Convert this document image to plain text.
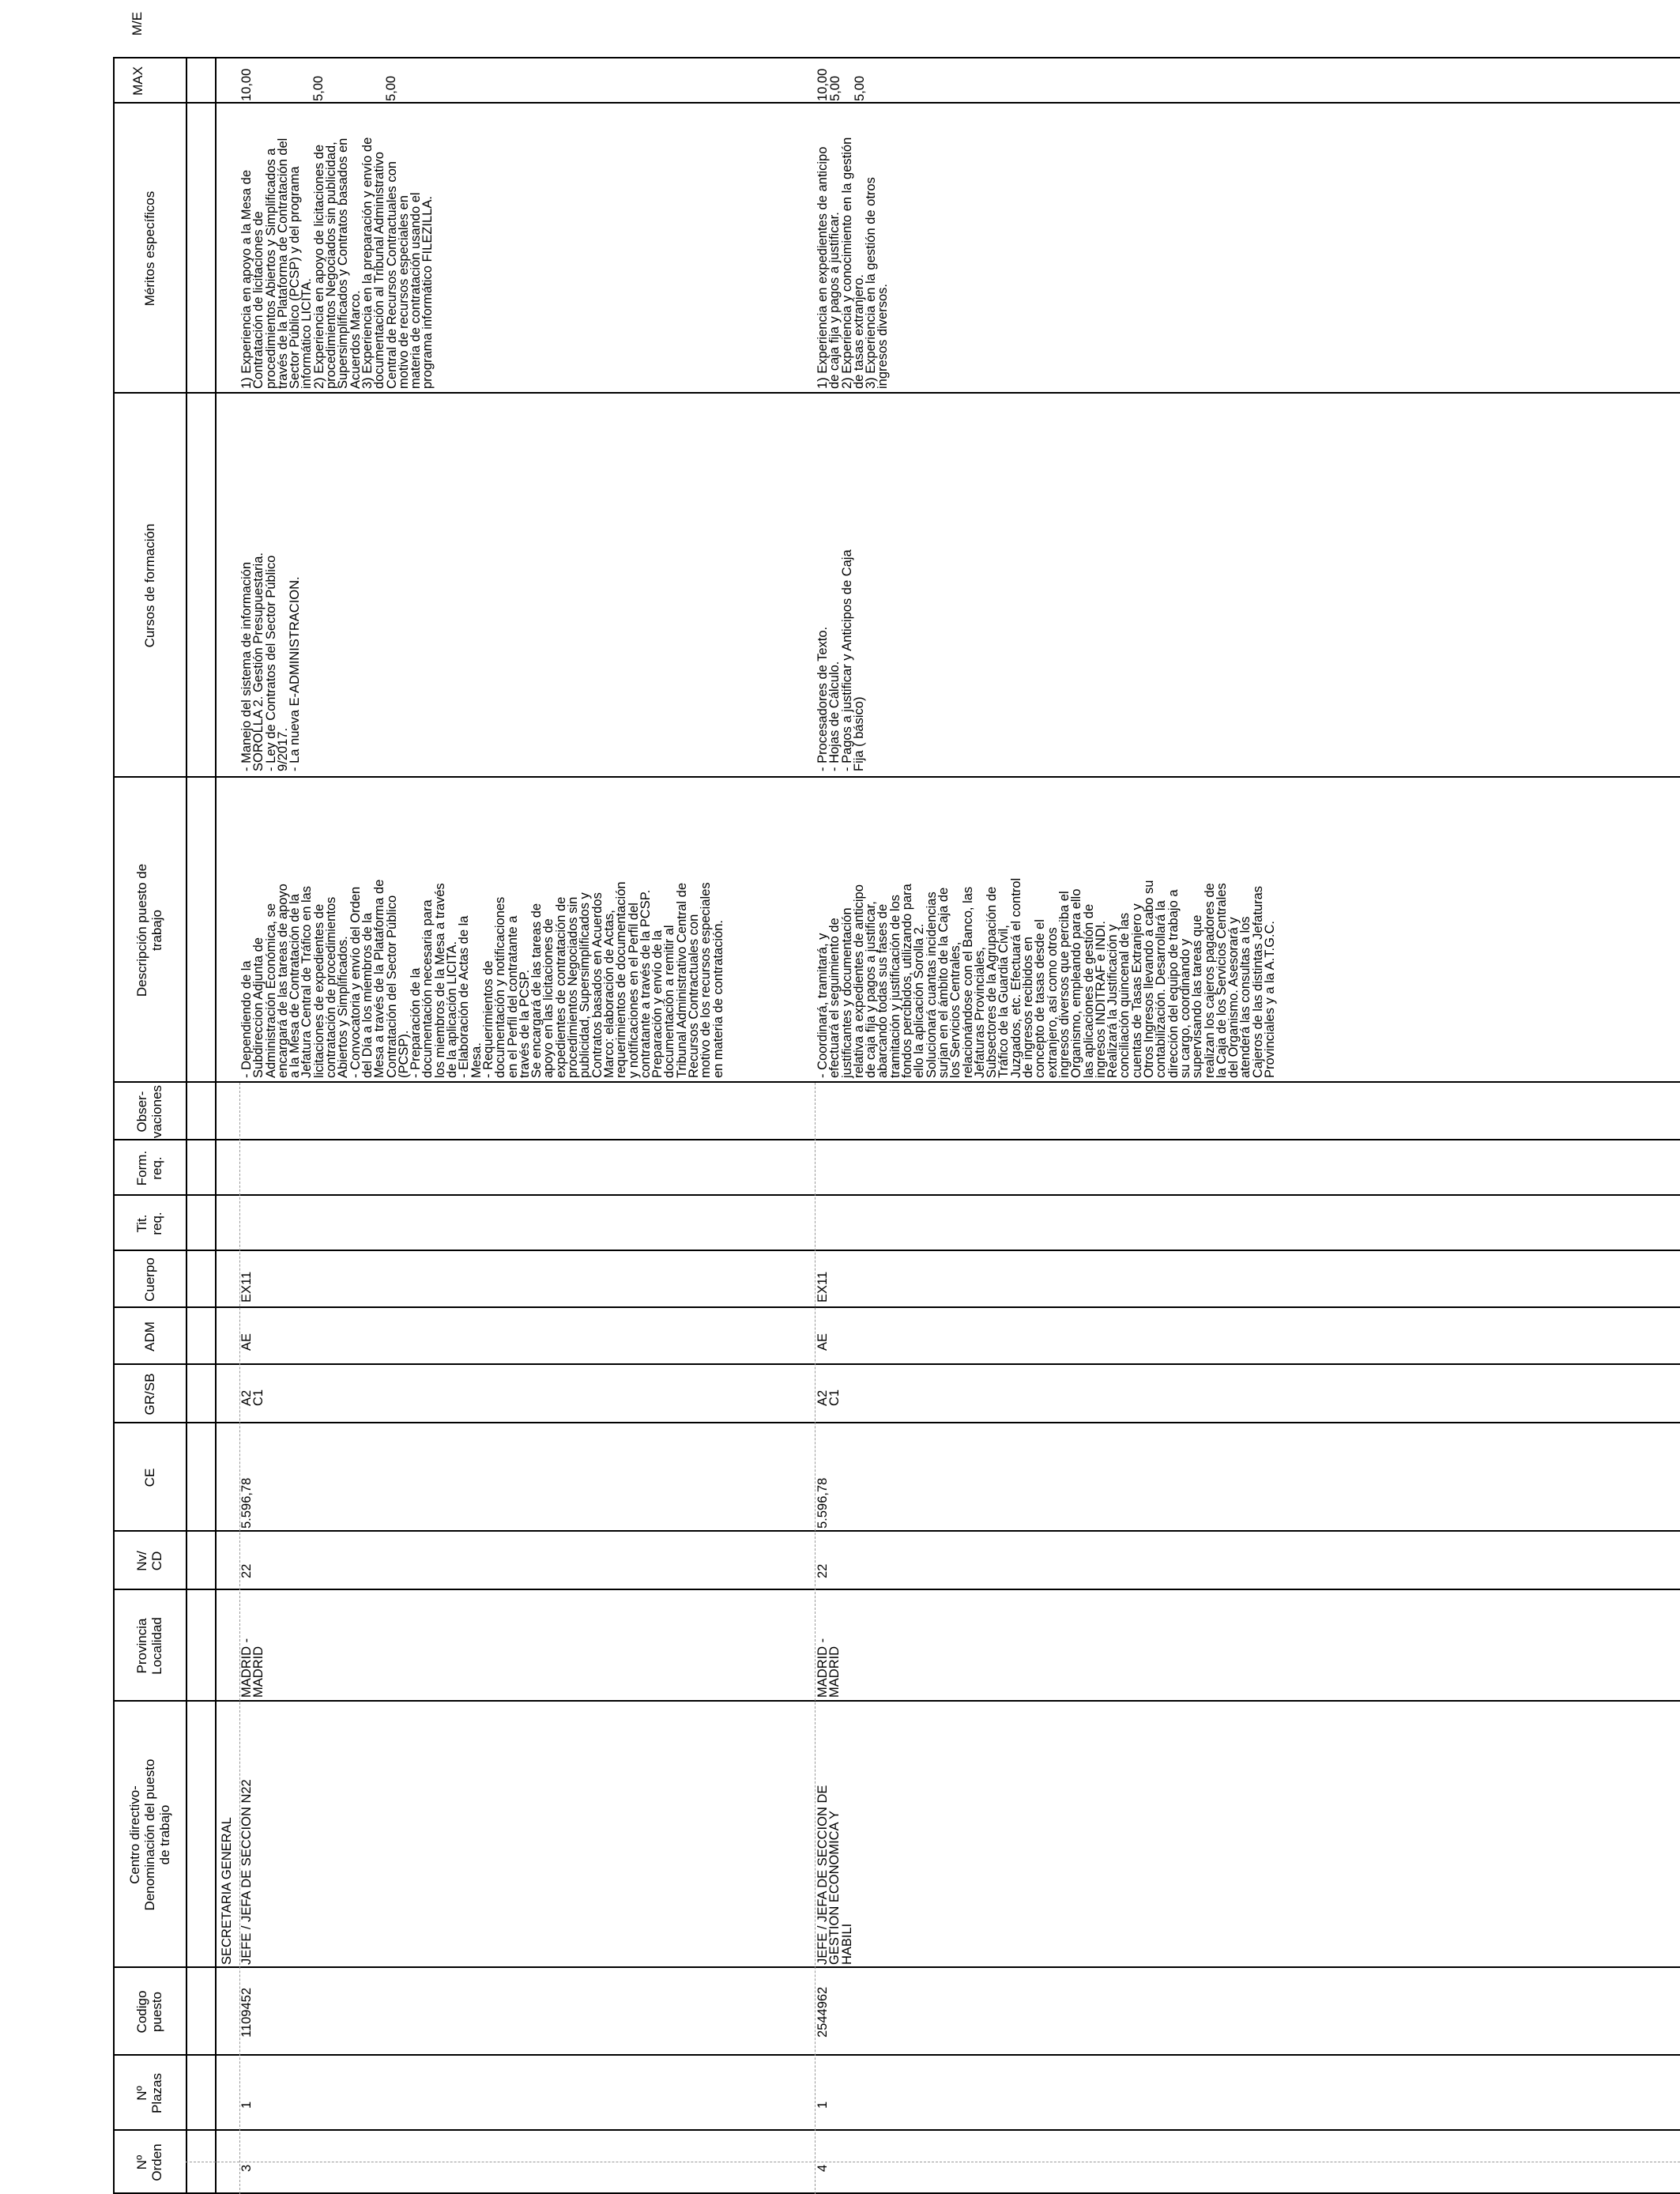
Nº
Orden
Nº
Plazas
Codigo
puesto
Centro directivo-
Denominación del puesto
de trabajo
Provincia
Localidad
Nv/
CD
CE
GR/SB
ADM
Cuerpo
Tit.
req.
Form.
req.
Obser-
vaciones
Descripción puesto de
trabajo
Cursos de formación
Méritos específicos
MAX
SECRETARIA GENERAL
3
1
1109452
JEFE / JEFA DE SECCION N22
MADRID -
MADRID
22
5.596,78
A2
C1
AE
EX11
- Dependiendo de la
Subdireccion Adjunta de
Administración Económica, se
encargará de las tareas de apoyo
a la Mesa de Contratación de la
Jefatura Central de Tráfico en las
licitaciones de expedientes de
contratación de procedimientos
Abiertos y Simplificados.
- Convocatoria y envío del Orden
del Día a los miembros de la
Mesa a través de la Plataforma de
Contratación del Sector Público
(PCSP).
- Preparación de la
documentación necesaria para
los miembros de la Mesa a través
de la aplicación LICITA.
- Elaboración de Actas de la
Mesa.
- Requerimientos de
documentación y notificaciones
en el Perfil del contratante a
través de la PCSP.
Se encargará de las tareas de
apoyo en las licitaciones de
expedientes de contratación de
procedimientos Negociados sin
publicidad, Supersimplificados y
Contratos basados en Acuerdos
Marco: elaboración de Actas,
requerimientos de documentación
y notificaciones en el Perfil del
contratante a través de la PCSP.
Preparación y envío de la
documentación a remitir al
Tribunal Administrativo Central de
Recursos Contractuales con
motivo de los recursos especiales
en materia de contratación.
- Manejo del sistema de información
SOROLLA 2. Gestión Presupuestaria.
- Ley de Contratos del Sector Público
9/2017.
- La nueva E-ADMINISTRACION.
1) Experiencia en apoyo a la Mesa de
Contratación de licitaciones de
procedimientos Abiertos y Simplificados a
través de la Plataforma de Contratación del
Sector Público (PCSP) y del programa
informático LICITA.
2) Experiencia en apoyo de licitaciones de
procedimientos Negociados sin publicidad,
Supersimplificados y Contratos basados en
Acuerdos Marco.
3) Experiencia en la preparación y envío de
documentación al Tribunal Administrativo
Central de Recursos Contractuales con
motivo de recursos especiales en
materia de contratación usando el
programa informático FILEZILLA.
10,00	5,00	5,00
4
1
2544962
JEFE / JEFA DE SECCION DE
GESTION ECONOMICA Y
HABILI
MADRID -
MADRID
22
5.596,78
A2
C1
AE
EX11
- Coordinará, tramitará, y
efectuará el seguimiento de
justificantes y documentación
relativa a expedientes de anticipo
de caja fija y pagos a justificar,
abarcando todas sus fases de
tramitación y justificación de los
fondos percibidos, utilizando para
ello la aplicación Sorolla 2.
Solucionará cuantas incidencias
surjan en el ámbito de la Caja de
los Servicios Centrales,
relacionándose con el Banco, las
Jefaturas Provinciales,
Subsectores de la Agrupación de
Tráfico de la Guardia Civil,
Juzgados, etc. Efectuará el control
de ingresos recibidos en
concepto de tasas desde el
extranjero, así como otros
ingresos diversos que perciba el
Organismo, empleando para ello
las aplicaciones de gestión de
ingresos INDITRAF e INDI.
Realizará la Justificación y
conciliación quincenal de las
cuentas de Tasas Extranjero y
Otros Ingresos llevando a cabo su
contabilización. Desarrollará la
dirección del equipo de trabajo a
su cargo, coordinando y
supervisando las tareas que
realizan los cajeros pagadores de
la Caja de los Servicios Centrales
del Organismo. Asesorará y
atenderá las consultas a los
Cajeros de las distintas Jefaturas
Provinciales y a la A.T.G.C.
- Procesadores de Texto.
- Hojas de Cálculo.
- Pagos a justificar y Anticipos de Caja
Fija ( básico)
1) Experiencia en expedientes de anticipo
de caja fija y pagos a justificar.
2) Experiencia y conocimiento en la gestión
de tasas extranjero.
3) Experiencia en la gestión de otros
ingresos diversos.
10,00
5,00 5,00
M/E
